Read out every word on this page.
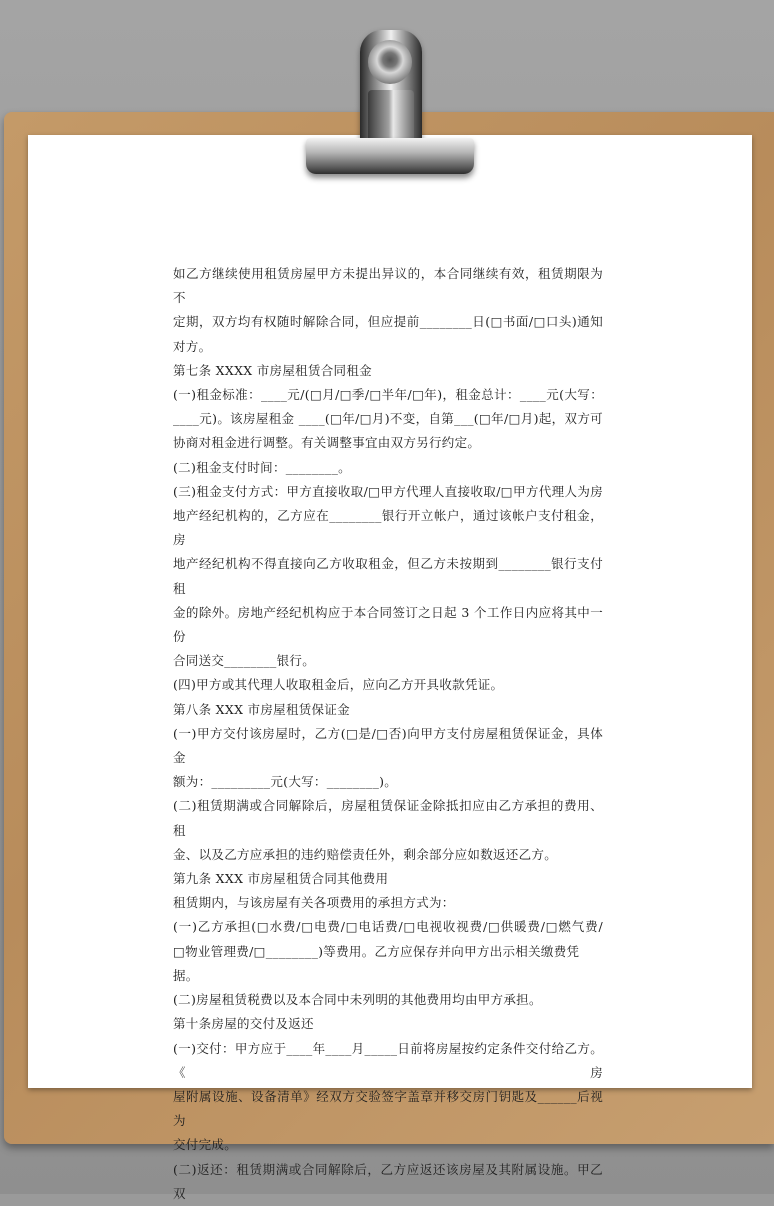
如乙方继续使用租赁房屋甲方未提出异议的，本合同继续有效，租赁期限为不

定期，双方均有权随时解除合同，但应提前________日(□书面/□口头)通知

对方。

第七条 XXXX 市房屋租赁合同租金

(一)租金标准：____元/(□月/□季/□半年/□年)，租金总计：____元(大写：

____元)。该房屋租金 ____(□年/□月)不变，自第___(□年/□月)起，双方可

协商对租金进行调整。有关调整事宜由双方另行约定。

(二)租金支付时间：________。

(三)租金支付方式：甲方直接收取/□甲方代理人直接收取/□甲方代理人为房

地产经纪机构的，乙方应在________银行开立帐户，通过该帐户支付租金，房

地产经纪机构不得直接向乙方收取租金，但乙方未按期到________银行支付租

金的除外。房地产经纪机构应于本合同签订之日起 3 个工作日内应将其中一份

合同送交________银行。

(四)甲方或其代理人收取租金后，应向乙方开具收款凭证。

第八条 XXX 市房屋租赁保证金

(一)甲方交付该房屋时，乙方(□是/□否)向甲方支付房屋租赁保证金，具体金

额为：_________元(大写：________)。

(二)租赁期满或合同解除后，房屋租赁保证金除抵扣应由乙方承担的费用、租

金、以及乙方应承担的违约赔偿责任外，剩余部分应如数返还乙方。

第九条 XXX 市房屋租赁合同其他费用

租赁期内，与该房屋有关各项费用的承担方式为：

(一)乙方承担(□水费/□电费/□电话费/□电视收视费/□供暖费/□燃气费/

□物业管理费/□________)等费用。乙方应保存并向甲方出示相关缴费凭据。

(二)房屋租赁税费以及本合同中未列明的其他费用均由甲方承担。

第十条房屋的交付及返还

(一)交付：甲方应于____年____月_____日前将房屋按约定条件交付给乙方。《房

屋附属设施、设备清单》经双方交验签字盖章并移交房门钥匙及______后视为

交付完成。

(二)返还：租赁期满或合同解除后，乙方应返还该房屋及其附属设施。甲乙双
